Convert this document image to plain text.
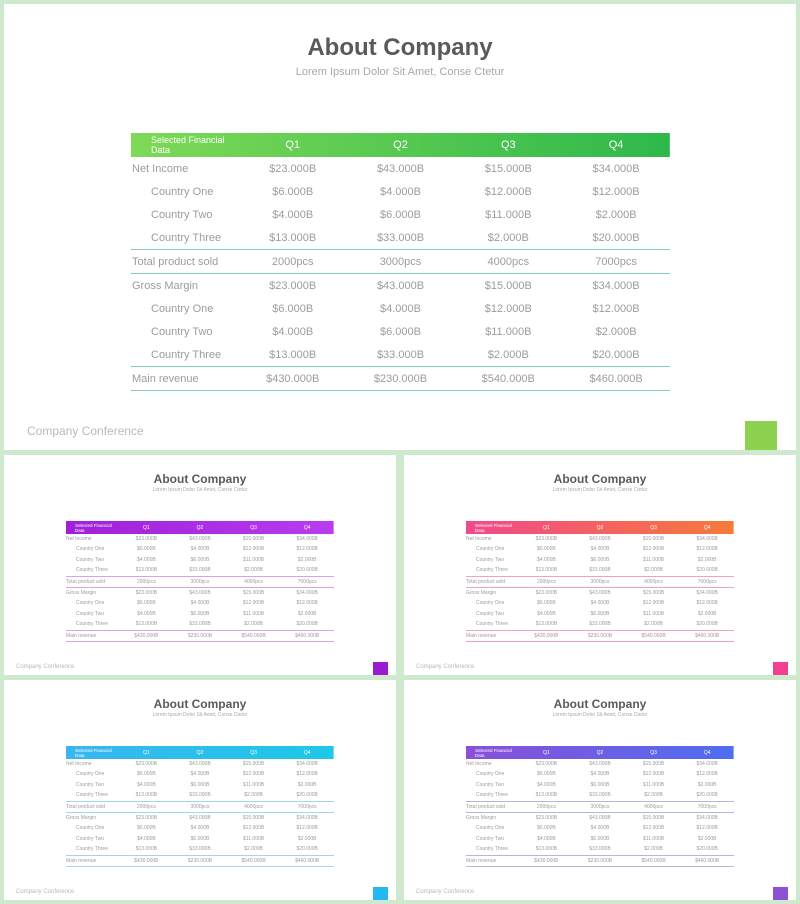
About Company
Lorem Ipsum Dolor Sit Amet, Conse Ctetur
Selected Financial Data	Q1	Q2	Q3	Q4
Net Income	$23.000B	$43.000B	$15.000B	$34.000B
Country One	$6.000B	$4.000B	$12.000B	$12.000B
Country Two	$4.000B	$6.000B	$11.000B	$2.000B
Country Three	$13.000B	$33.000B	$2.000B	$20.000B
Total product sold	2000pcs	3000pcs	4000pcs	7000pcs
Gross Margin	$23.000B	$43.000B	$15.000B	$34.000B
Country One	$6.000B	$4.000B	$12.000B	$12.000B
Country Two	$4.000B	$6.000B	$11.000B	$2.000B
Country Three	$13.000B	$33.000B	$2.000B	$20.000B
Main revenue	$430.000B	$230.000B	$540.000B	$460.000B
Company Conference
About Company
Lorem Ipsum Dolor Sit Amet, Conse Ctetur
Selected Financial Data	Q1	Q2	Q3	Q4
Net Income	$23.000B	$43.000B	$15.000B	$34.000B
Country One	$6.000B	$4.000B	$12.000B	$12.000B
Country Two	$4.000B	$6.000B	$11.000B	$2.000B
Country Three	$13.000B	$33.000B	$2.000B	$20.000B
Total product sold	2000pcs	3000pcs	4000pcs	7000pcs
Gross Margin	$23.000B	$43.000B	$15.000B	$34.000B
Country One	$6.000B	$4.000B	$12.000B	$12.000B
Country Two	$4.000B	$6.000B	$11.000B	$2.000B
Country Three	$13.000B	$33.000B	$2.000B	$20.000B
Main revenue	$430.000B	$230.000B	$540.000B	$460.000B
Company Conference
About Company
Lorem Ipsum Dolor Sit Amet, Conse Ctetur
Selected Financial Data	Q1	Q2	Q3	Q4
Net Income	$23.000B	$43.000B	$15.000B	$34.000B
Country One	$6.000B	$4.000B	$12.000B	$12.000B
Country Two	$4.000B	$6.000B	$11.000B	$2.000B
Country Three	$13.000B	$33.000B	$2.000B	$20.000B
Total product sold	2000pcs	3000pcs	4000pcs	7000pcs
Gross Margin	$23.000B	$43.000B	$15.000B	$34.000B
Country One	$6.000B	$4.000B	$12.000B	$12.000B
Country Two	$4.000B	$6.000B	$11.000B	$2.000B
Country Three	$13.000B	$33.000B	$2.000B	$20.000B
Main revenue	$430.000B	$230.000B	$540.000B	$460.000B
Company Conference
About Company
Lorem Ipsum Dolor Sit Amet, Conse Ctetur
Selected Financial Data	Q1	Q2	Q3	Q4
Net Income	$23.000B	$43.000B	$15.000B	$34.000B
Country One	$6.000B	$4.000B	$12.000B	$12.000B
Country Two	$4.000B	$6.000B	$11.000B	$2.000B
Country Three	$13.000B	$33.000B	$2.000B	$20.000B
Total product sold	2000pcs	3000pcs	4000pcs	7000pcs
Gross Margin	$23.000B	$43.000B	$15.000B	$34.000B
Country One	$6.000B	$4.000B	$12.000B	$12.000B
Country Two	$4.000B	$6.000B	$11.000B	$2.000B
Country Three	$13.000B	$33.000B	$2.000B	$20.000B
Main revenue	$430.000B	$230.000B	$540.000B	$460.000B
Company Conference
About Company
Lorem Ipsum Dolor Sit Amet, Conse Ctetur
Selected Financial Data	Q1	Q2	Q3	Q4
Net Income	$23.000B	$43.000B	$15.000B	$34.000B
Country One	$6.000B	$4.000B	$12.000B	$12.000B
Country Two	$4.000B	$6.000B	$11.000B	$2.000B
Country Three	$13.000B	$33.000B	$2.000B	$20.000B
Total product sold	2000pcs	3000pcs	4000pcs	7000pcs
Gross Margin	$23.000B	$43.000B	$15.000B	$34.000B
Country One	$6.000B	$4.000B	$12.000B	$12.000B
Country Two	$4.000B	$6.000B	$11.000B	$2.000B
Country Three	$13.000B	$33.000B	$2.000B	$20.000B
Main revenue	$430.000B	$230.000B	$540.000B	$460.000B
Company Conference
